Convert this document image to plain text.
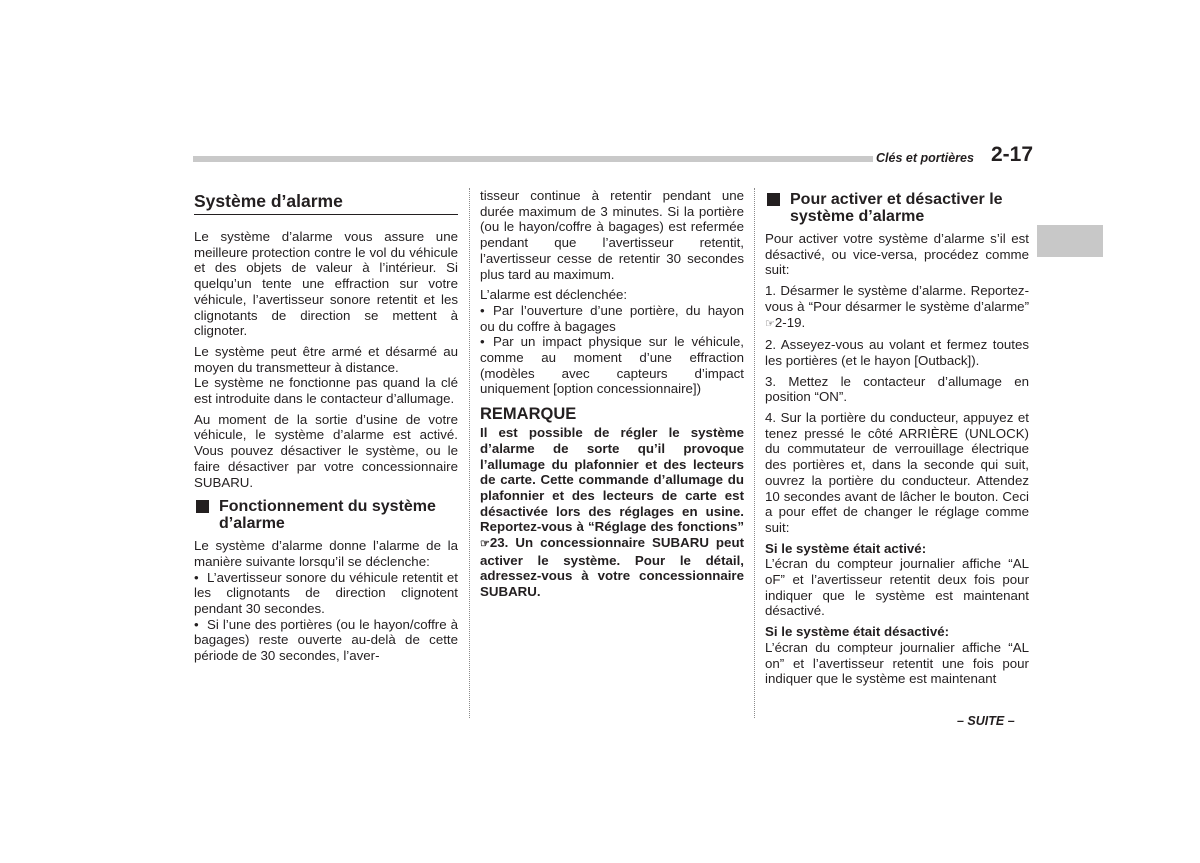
Clés et portières 2-17
Système d’alarme

Le système d’alarme vous assure une meilleure protection contre le vol du véhicule et des objets de valeur à l’intérieur. Si quelqu’un tente une effraction sur votre véhicule, l’avertisseur sonore retentit et les clignotants de direction se mettent à clignoter.

Le système peut être armé et désarmé au moyen du transmetteur à distance.

Le système ne fonctionne pas quand la clé est introduite dans le contacteur d’allumage.

Au moment de la sortie d’usine de votre véhicule, le système d’alarme est activé. Vous pouvez désactiver le système, ou le faire désactiver par votre concessionnaire SUBARU.

Fonctionnement du système d’alarme

Le système d’alarme donne l’alarme de la manière suivante lorsqu’il se déclenche:

• L’avertisseur sonore du véhicule retentit et les clignotants de direction clignotent pendant 30 secondes.

• Si l’une des portières (ou le hayon/coffre à bagages) reste ouverte au-delà de cette période de 30 secondes, l’aver-

tisseur continue à retentir pendant une durée maximum de 3 minutes. Si la portière (ou le hayon/coffre à bagages) est refermée pendant que l’avertisseur retentit, l’avertisseur cesse de retentir 30 secondes plus tard au maximum.

L’alarme est déclenchée:

• Par l’ouverture d’une portière, du hayon ou du coffre à bagages

• Par un impact physique sur le véhicule, comme au moment d’une effraction (modèles avec capteurs d’impact uniquement [option concessionnaire])

REMARQUE

Il est possible de régler le système d’alarme de sorte qu’il provoque l’allumage du plafonnier et des lecteurs de carte. Cette commande d’allumage du plafonnier et des lecteurs de carte est désactivée lors des réglages en usine. Reportez-vous à “Réglage des fonctions” ☞23. Un concessionnaire SUBARU peut activer le système. Pour le détail, adressez-vous à votre concessionnaire SUBARU.

Pour activer et désactiver le système d’alarme

Pour activer votre système d’alarme s’il est désactivé, ou vice-versa, procédez comme suit:

1. Désarmer le système d’alarme. Reportez-vous à “Pour désarmer le système d’alarme” ☞2-19.

2. Asseyez-vous au volant et fermez toutes les portières (et le hayon [Outback]).

3. Mettez le contacteur d’allumage en position “ON”.

4. Sur la portière du conducteur, appuyez et tenez pressé le côté ARRIÈRE (UNLOCK) du commutateur de verrouillage électrique des portières et, dans la seconde qui suit, ouvrez la portière du conducteur. Attendez 10 secondes avant de lâcher le bouton. Ceci a pour effet de changer le réglage comme suit:

Si le système était activé:

L’écran du compteur journalier affiche “AL oF” et l’avertisseur retentit deux fois pour indiquer que le système est maintenant désactivé.

Si le système était désactivé:

L’écran du compteur journalier affiche “AL on” et l’avertisseur retentit une fois pour indiquer que le système est maintenant

– SUITE –
